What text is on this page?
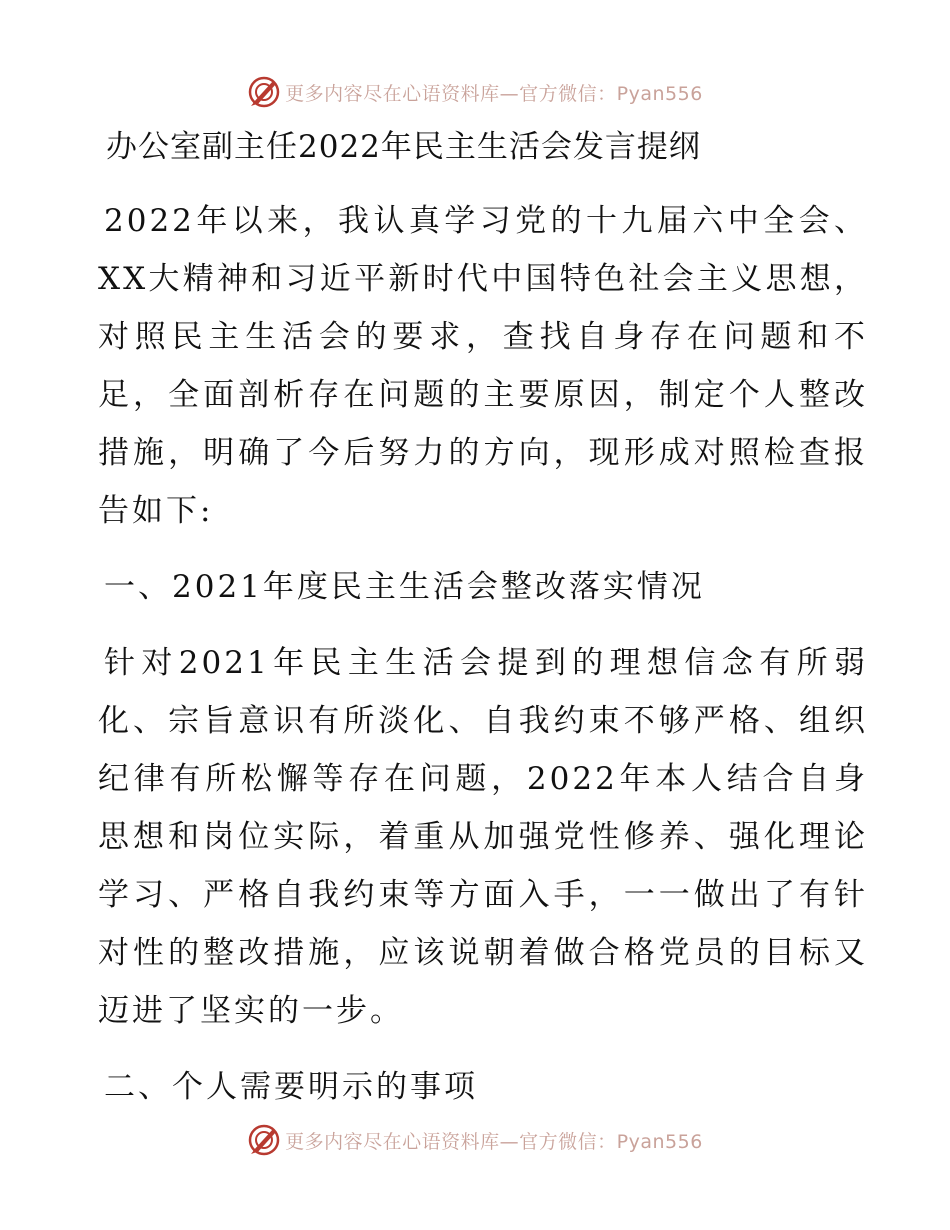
更多内容尽在心语资料库—官方微信：Pyan556
办公室副主任2022年民主生活会发言提纲

2022年以来，我认真学习党的十九届六中全会、XX大精神和习近平新时代中国特色社会主义思想，对照民主生活会的要求，查找自身存在问题和不足，全面剖析存在问题的主要原因，制定个人整改措施，明确了今后努力的方向，现形成对照检查报告如下:

一、2021年度民主生活会整改落实情况

针对2021年民主生活会提到的理想信念有所弱化、宗旨意识有所淡化、自我约束不够严格、组织纪律有所松懈等存在问题，2022年本人结合自身思想和岗位实际，着重从加强党性修养、强化理论学习、严格自我约束等方面入手，一一做出了有针对性的整改措施，应该说朝着做合格党员的目标又迈进了坚实的一步。

二、个人需要明示的事项
更多内容尽在心语资料库—官方微信：Pyan556
